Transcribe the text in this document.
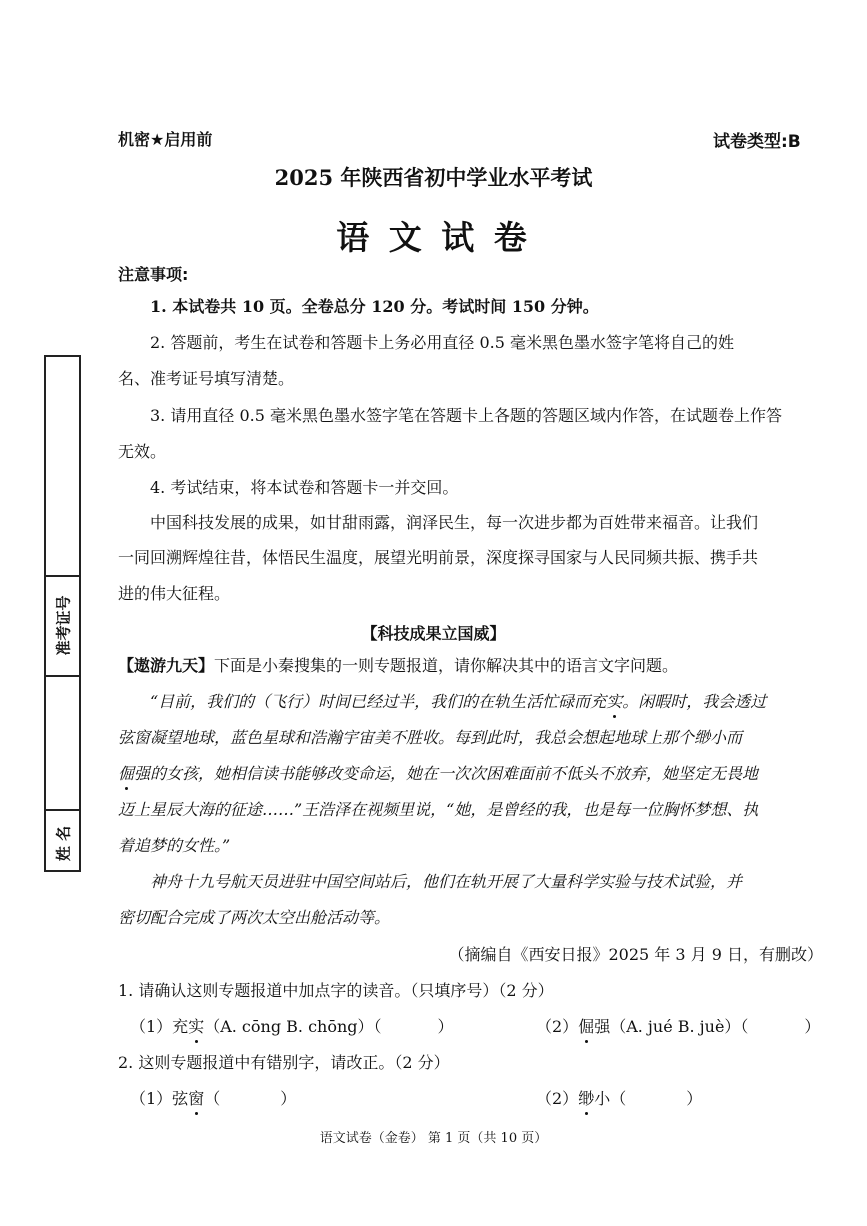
机密★启用前	试卷类型:B
2025 年陕西省初中学业水平考试
语 文 试 卷
准考证号
姓 名
注意事项:
1. 本试卷共 10 页。全卷总分 120 分。考试时间 150 分钟。
2. 答题前，考生在试卷和答题卡上务必用直径 0.5 毫米黑色墨水签字笔将自己的姓
名、准考证号填写清楚。
3. 请用直径 0.5 毫米黑色墨水签字笔在答题卡上各题的答题区域内作答，在试题卷上作答
无效。
4. 考试结束，将本试卷和答题卡一并交回。
中国科技发展的成果，如甘甜雨露，润泽民生，每一次进步都为百姓带来福音。让我们
一同回溯辉煌往昔，体悟民生温度，展望光明前景，深度探寻国家与人民同频共振、携手共
进的伟大征程。
【科技成果立国威】
【遨游九天】下面是小秦搜集的一则专题报道，请你解决其中的语言文字问题。
“目前，我们的（飞行）时间已经过半，我们的在轨生活忙碌而充实。闲暇时，我会透过
弦窗凝望地球，蓝色星球和浩瀚宇宙美不胜收。每到此时，我总会想起地球上那个缈小而
倔强的女孩，她相信读书能够改变命运，她在一次次困难面前不低头不放弃，她坚定无畏地
迈上星辰大海的征途……”王浩泽在视频里说，“她，是曾经的我，也是每一位胸怀梦想、执
着追梦的女性。”
神舟十九号航天员进驻中国空间站后，他们在轨开展了大量科学实验与技术试验，并
密切配合完成了两次太空出舱活动等。
（摘编自《西安日报》2025 年 3 月 9 日，有删改）
1. 请确认这则专题报道中加点字的读音。（只填序号）（2 分）
（1）充实（A. cōng B. chōng）（	）	（2）倔强（A. jué B. juè）（	）
2. 这则专题报道中有错别字，请改正。（2 分）
（1）弦窗（	）	（2）缈小（	）
语文试卷（金卷） 第 1 页（共 10 页）
